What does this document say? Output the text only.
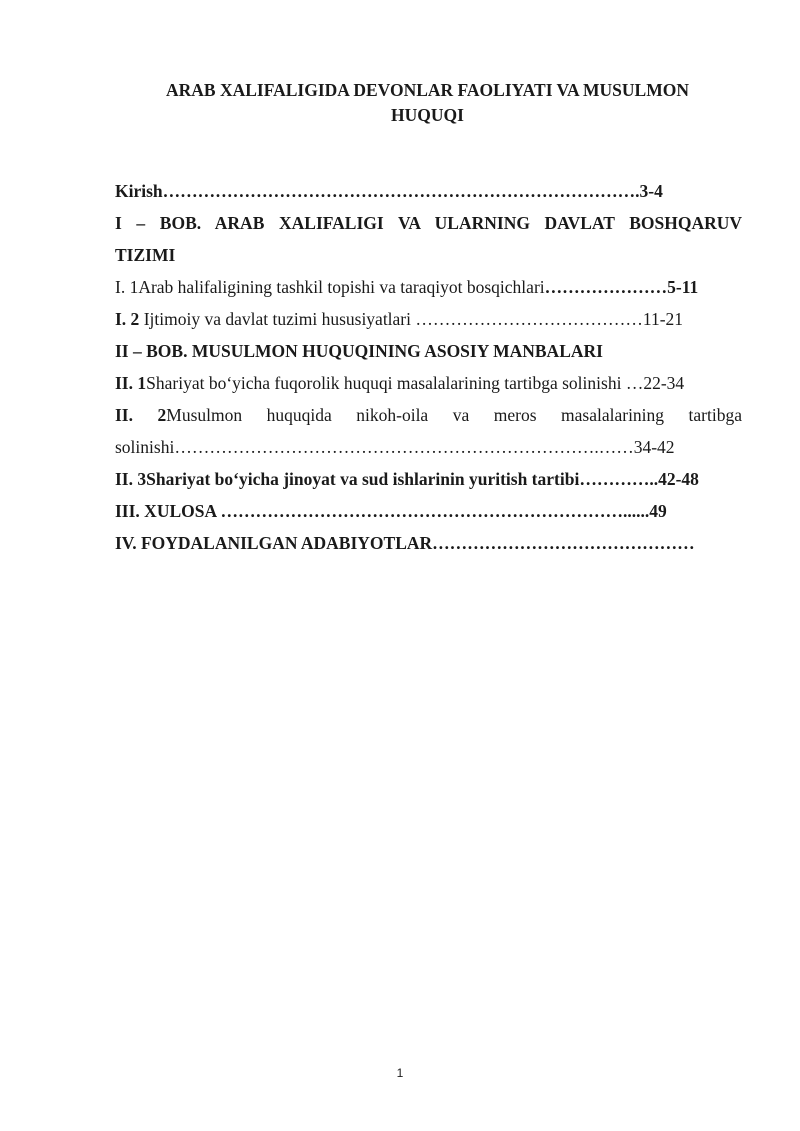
ARAB XALIFALIGIDA DEVONLAR FAOLIYATI VA MUSULMON
HUQUQI
Kirish……………………………………………………………………….3-4
I – BOB. ARAB XALIFALIGI VA ULARNING DAVLAT BOSHQARUV
TIZIMI
I. 1Arab halifaligining tashkil topishi va taraqiyot bosqichlari…………………5-11
I. 2 Ijtimoiy va davlat tuzimi hususiyatlari …………………………………11-21
II – BOB. MUSULMON HUQUQINING ASOSIY MANBALARI
II. 1Shariyat bo‘yicha fuqorolik huquqi masalalarining tartibga solinishi …22-34
II. 2Musulmon huquqida nikoh-oila va meros masalalarining tartibga
solinishi……………………………………………………………….……34-42
II. 3Shariyat bo‘yicha jinoyat va sud ishlarinin yuritish tartibi…………..42-48
III. XULOSA ……………………………………………………………......49
IV. FOYDALANILGAN ADABIYOTLAR………………………………………
1
